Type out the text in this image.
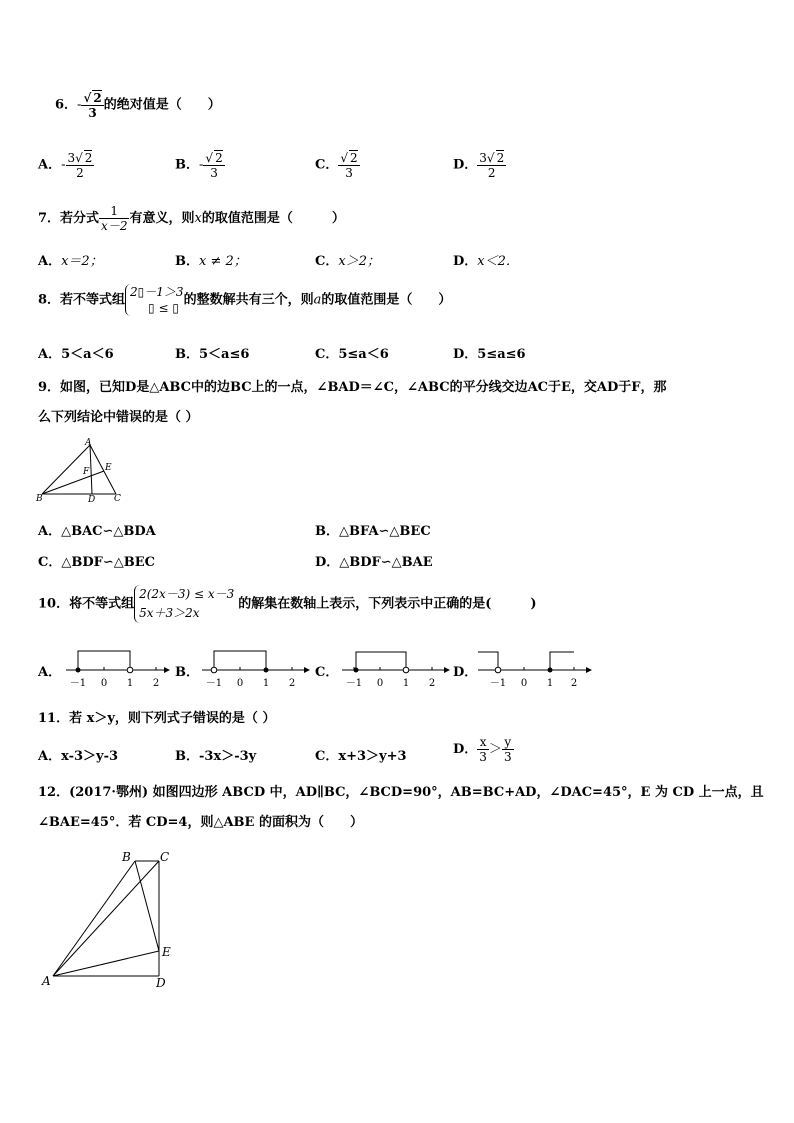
6．- $\frac{√ 2}{3}$ 的绝对值是（　　）
A．- $\frac{3√ 2}{2}$	B．- $\frac{√ 2}{3}$	C． $\frac{√ 2}{3}$	D． $\frac{3√ 2}{2}$
7．若分式 $\frac{1}{x-2}$ 有意义，则x的取值范围是（　　　）
A．x＝2；	B．x ≠ 2；	C．x＞2；	D．x＜2．
8．若不等式组
2▯－1＞3
▯ ≤ ▯
的整数解共有三个，则a的取值范围是（　　）
A．5＜a＜6	B．5＜a≤6	C．5≤a＜6	D．5≤a≤6
9．如图，已知D是△ABC中的边BC上的一点，∠BAD＝∠C，∠ABC的平分线交边AC于E，交AD于F，那
么下列结论中错误的是（ ）
A
B	C
D
E
F
A．△BAC∽△BDA	B．△BFA∽△BEC
C．△BDF∽△BEC	D．△BDF∽△BAE
10．将不等式组
2(2x－3) ≤ x－3
5x＋3＞2x
的解集在数轴上表示，下列表示中正确的是(　　　)
A．
－1 0 1 2
B．
－1 0 1 2
C．
－1 0 1 2
D．
－1 0 1 2
11．若 x＞y，则下列式子错误的是（ ）
A．x-3＞y-3	B．-3x＞-3y	C．x+3＞y+3	D． $\frac{x}{3} > \frac{y}{3}$
12．(2017·鄂州) 如图四边形 ABCD 中，AD∥BC，∠BCD=90°，AB=BC+AD，∠DAC=45°，E 为 CD 上一点，且
∠BAE=45°．若 CD=4，则△ABE 的面积为（　　）
B C
E
A	D
